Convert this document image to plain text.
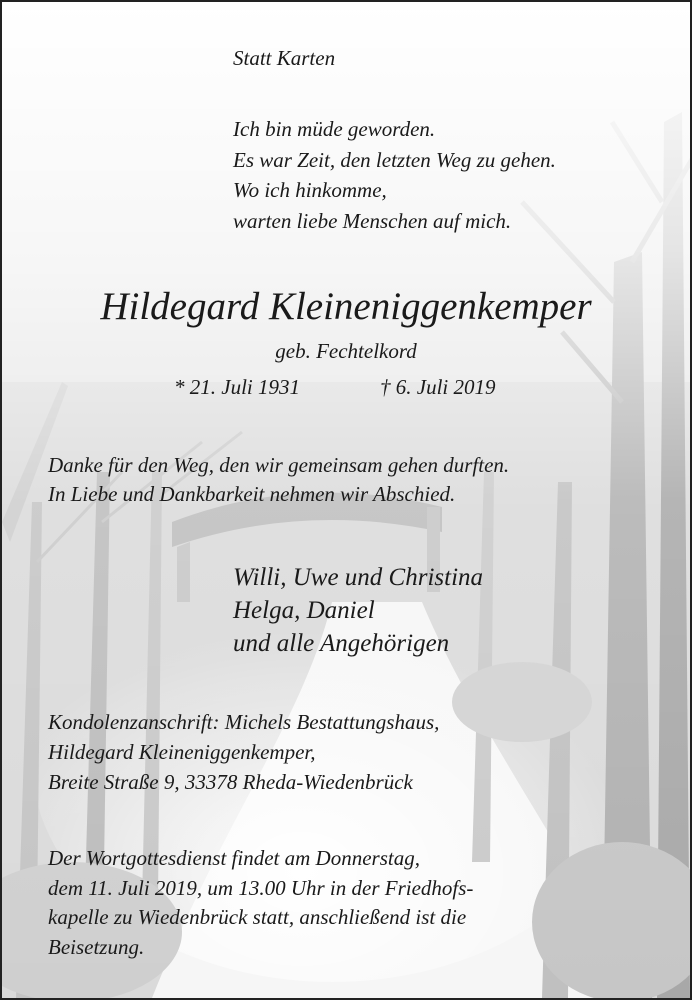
Statt Karten
Ich bin müde geworden.
Es war Zeit, den letzten Weg zu gehen.
Wo ich hinkomme,
warten liebe Menschen auf mich.
Hildegard Kleineniggenkemper
geb. Fechtelkord
* 21. Juli 1931	† 6. Juli 2019
Danke für den Weg, den wir gemeinsam gehen durften.
In Liebe und Dankbarkeit nehmen wir Abschied.
Willi, Uwe und Christina
Helga, Daniel
und alle Angehörigen
Kondolenzanschrift: Michels Bestattungshaus,
Hildegard Kleineniggenkemper,
Breite Straße 9, 33378 Rheda-Wiedenbrück
Der Wortgottesdienst findet am Donnerstag,
dem 11. Juli 2019, um 13.00 Uhr in der Friedhofs-
kapelle zu Wiedenbrück statt, anschließend ist die
Beisetzung.
